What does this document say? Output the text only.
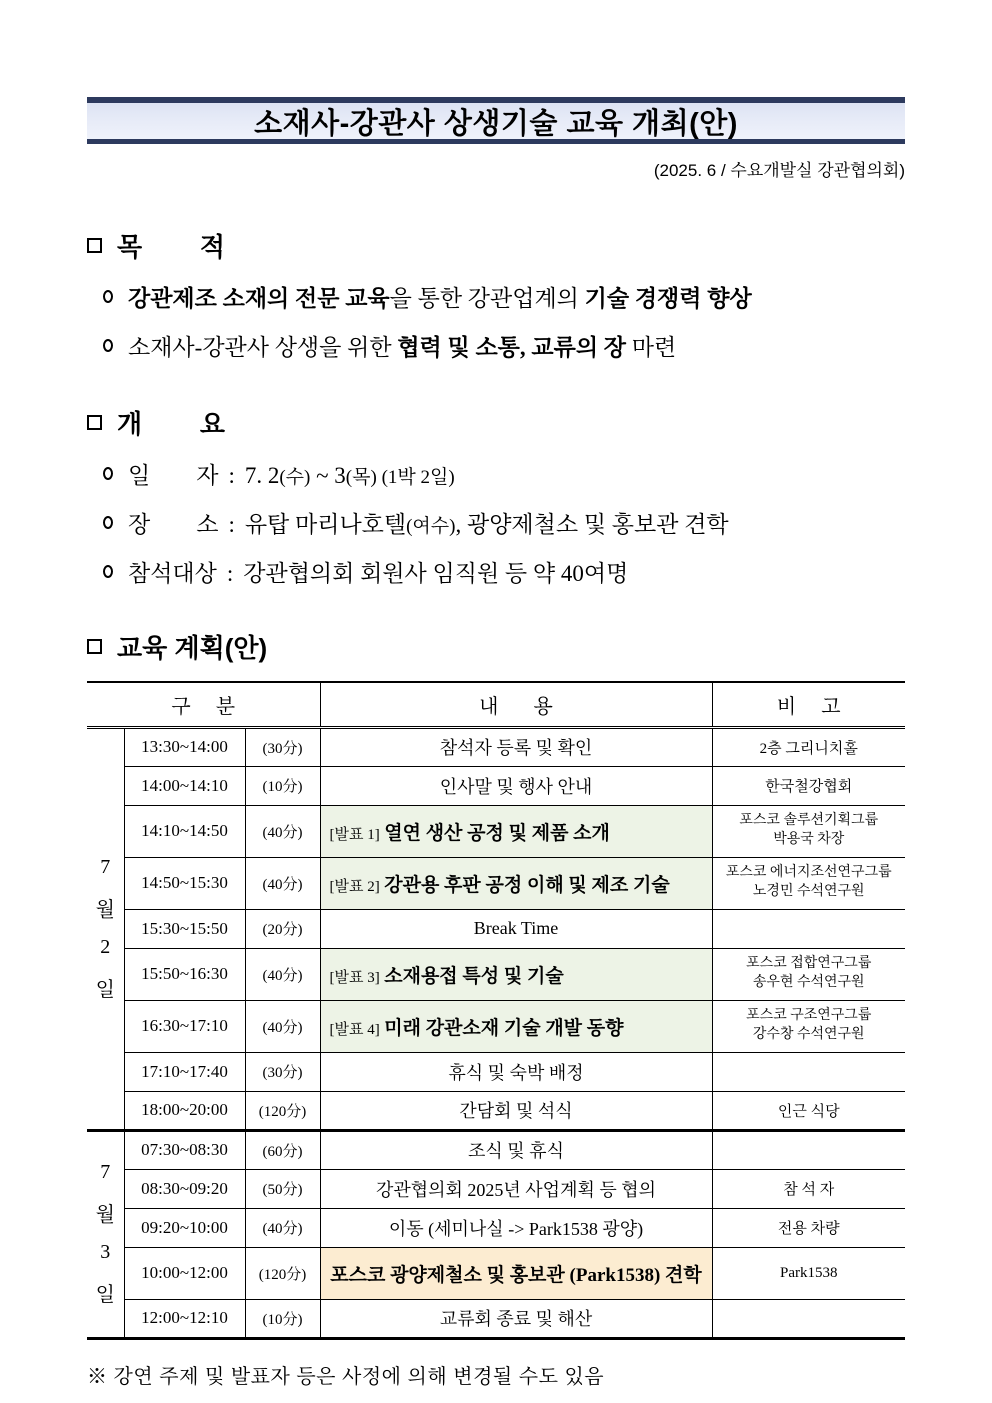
소재사-강관사 상생기술 교육 개최(안)
(2025. 6 / 수요개발실 강관협의회)
목        적
강관제조 소재의 전문 교육을 통한 강관업계의 기술 경쟁력 향상
소재사-강관사 상생을 위한 협력 및 소통, 교류의 장 마련
개        요
일        자 : 7. 2(수) ~ 3(목) (1박 2일)
장        소 : 유탑 마리나호텔(여수), 광양제철소 및 홍보관 견학
참석대상 : 강관협의회 회원사 임직원 등 약 40여명
교육 계획(안)
구     분			내       용	비     고

7
월
2
일	13:30~14:00	(30分)	참석자 등록 및 확인	2층 그리니치홀
	14:00~14:10	(10分)	인사말 및 행사 안내	한국철강협회
	14:10~14:50	(40分)	[발표 1] 열연 생산 공정 및 제품 소개	포스코 솔루션기획그룹
박용국 차장

	14:50~15:30	(40分)	[발표 2] 강관용 후판 공정 이해 및 제조 기술	포스코 에너지조선연구그룹
노경민 수석연구원

	15:30~15:50	(20分)	Break Time	
	15:50~16:30	(40分)	[발표 3] 소재용접 특성 및 기술	포스코 접합연구그룹
송우현 수석연구원

	16:30~17:10	(40分)	[발표 4] 미래 강관소재 기술 개발 동향	포스코 구조연구그룹
강수창 수석연구원

	17:10~17:40	(30分)	휴식 및 숙박 배정	
	18:00~20:00	(120分)	간담회 및 석식	인근 식당

7
월
3
일	07:30~08:30	(60分)	조식 및 휴식	
	08:30~09:20	(50分)	강관협의회 2025년 사업계획 등 협의	참 석 자
	09:20~10:00	(40分)	이동 (세미나실 -> Park1538 광양)	전용 차량
	10:00~12:00	(120分)	포스코 광양제철소 및 홍보관 (Park1538) 견학	Park1538
	12:00~12:10	(10分)	교류회 종료 및 해산	
※ 강연 주제 및 발표자 등은 사정에 의해 변경될 수도 있음
